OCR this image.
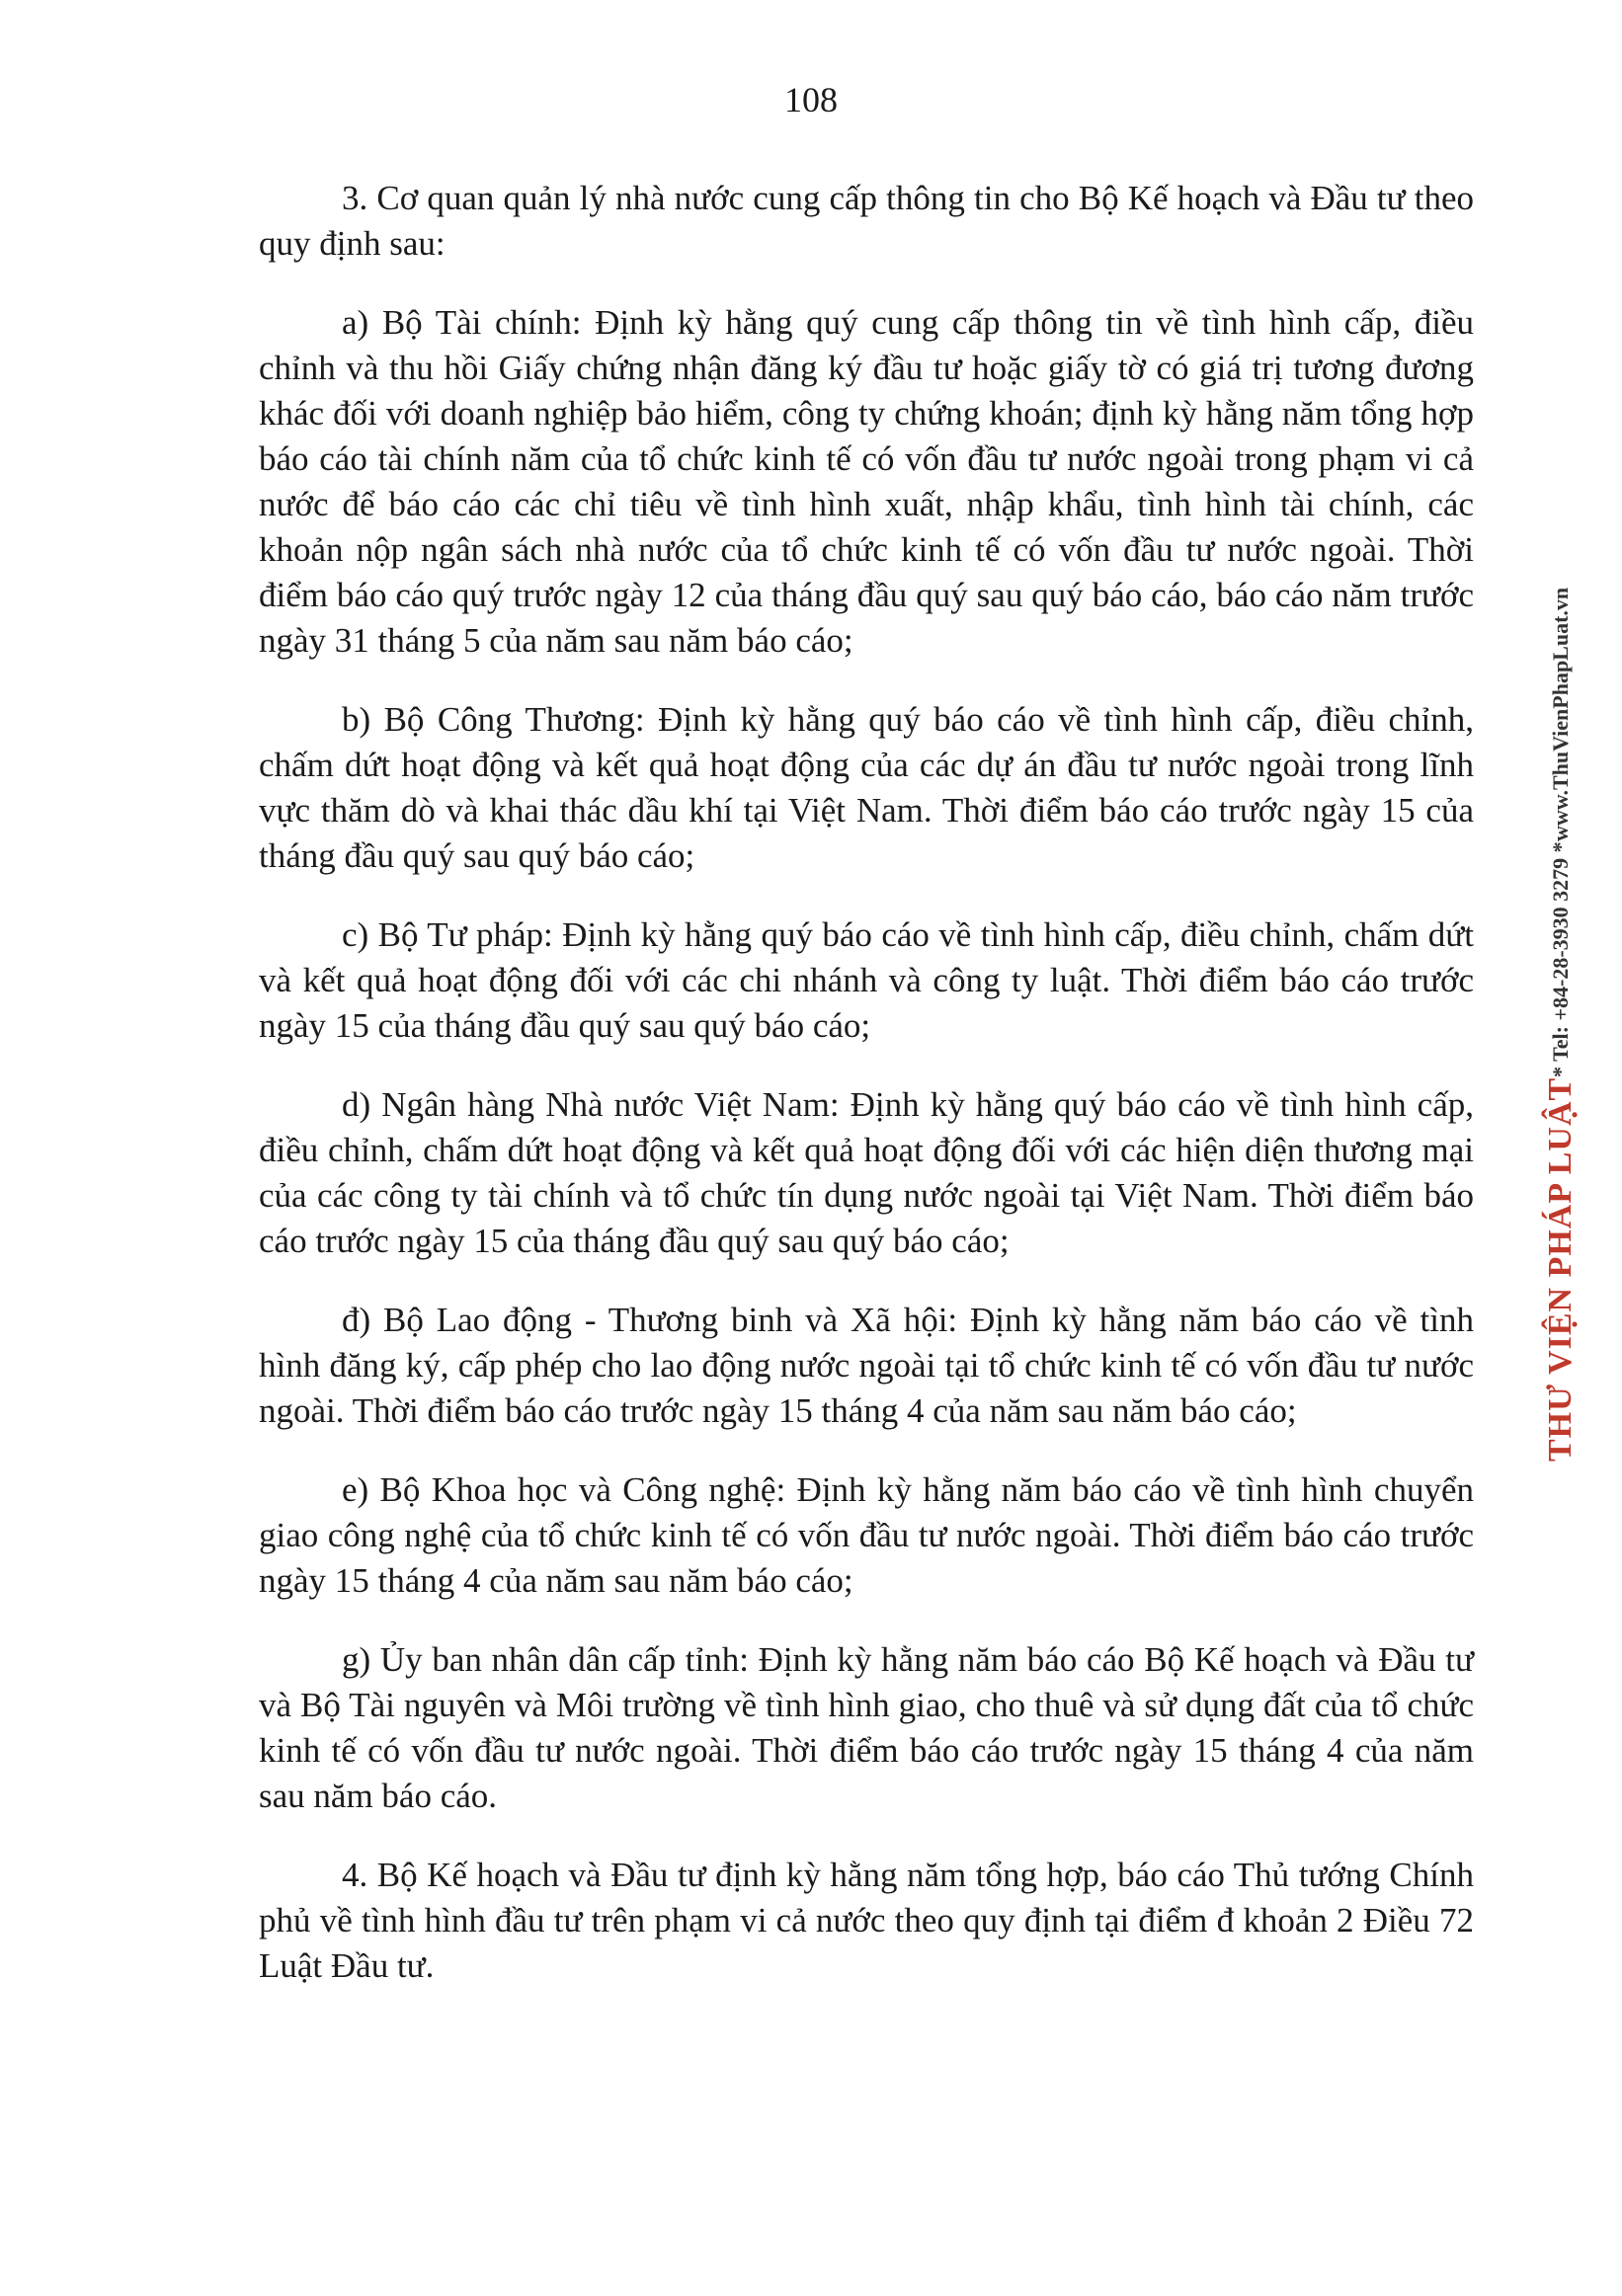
108

3. Cơ quan quản lý nhà nước cung cấp thông tin cho Bộ Kế hoạch và Đầu tư theo quy định sau:

a) Bộ Tài chính: Định kỳ hằng quý cung cấp thông tin về tình hình cấp, điều chỉnh và thu hồi Giấy chứng nhận đăng ký đầu tư hoặc giấy tờ có giá trị tương đương khác đối với doanh nghiệp bảo hiểm, công ty chứng khoán; định kỳ hằng năm tổng hợp báo cáo tài chính năm của tổ chức kinh tế có vốn đầu tư nước ngoài trong phạm vi cả nước để báo cáo các chỉ tiêu về tình hình xuất, nhập khẩu, tình hình tài chính, các khoản nộp ngân sách nhà nước của tổ chức kinh tế có vốn đầu tư nước ngoài. Thời điểm báo cáo quý trước ngày 12 của tháng đầu quý sau quý báo cáo, báo cáo năm trước ngày 31 tháng 5 của năm sau năm báo cáo;

b) Bộ Công Thương: Định kỳ hằng quý báo cáo về tình hình cấp, điều chỉnh, chấm dứt hoạt động và kết quả hoạt động của các dự án đầu tư nước ngoài trong lĩnh vực thăm dò và khai thác dầu khí tại Việt Nam. Thời điểm báo cáo trước ngày 15 của tháng đầu quý sau quý báo cáo;

c) Bộ Tư pháp: Định kỳ hằng quý báo cáo về tình hình cấp, điều chỉnh, chấm dứt và kết quả hoạt động đối với các chi nhánh và công ty luật. Thời điểm báo cáo trước ngày 15 của tháng đầu quý sau quý báo cáo;

d) Ngân hàng Nhà nước Việt Nam: Định kỳ hằng quý báo cáo về tình hình cấp, điều chỉnh, chấm dứt hoạt động và kết quả hoạt động đối với các hiện diện thương mại của các công ty tài chính và tổ chức tín dụng nước ngoài tại Việt Nam. Thời điểm báo cáo trước ngày 15 của tháng đầu quý sau quý báo cáo;

đ) Bộ Lao động - Thương binh và Xã hội: Định kỳ hằng năm báo cáo về tình hình đăng ký, cấp phép cho lao động nước ngoài tại tổ chức kinh tế có vốn đầu tư nước ngoài. Thời điểm báo cáo trước ngày 15 tháng 4 của năm sau năm báo cáo;

e) Bộ Khoa học và Công nghệ: Định kỳ hằng năm báo cáo về tình hình chuyển giao công nghệ của tổ chức kinh tế có vốn đầu tư nước ngoài. Thời điểm báo cáo trước ngày 15 tháng 4 của năm sau năm báo cáo;

g) Ủy ban nhân dân cấp tỉnh: Định kỳ hằng năm báo cáo Bộ Kế hoạch và Đầu tư và Bộ Tài nguyên và Môi trường về tình hình giao, cho thuê và sử dụng đất của tổ chức kinh tế có vốn đầu tư nước ngoài. Thời điểm báo cáo trước ngày 15 tháng 4 của năm sau năm báo cáo.

4. Bộ Kế hoạch và Đầu tư định kỳ hằng năm tổng hợp, báo cáo Thủ tướng Chính phủ về tình hình đầu tư trên phạm vi cả nước theo quy định tại điểm đ khoản 2 Điều 72 Luật Đầu tư.

THƯ VIỆN PHÁP LUẬT
* Tel: +84-28-3930 3279 *
www.ThuVienPhapLuat.vn
